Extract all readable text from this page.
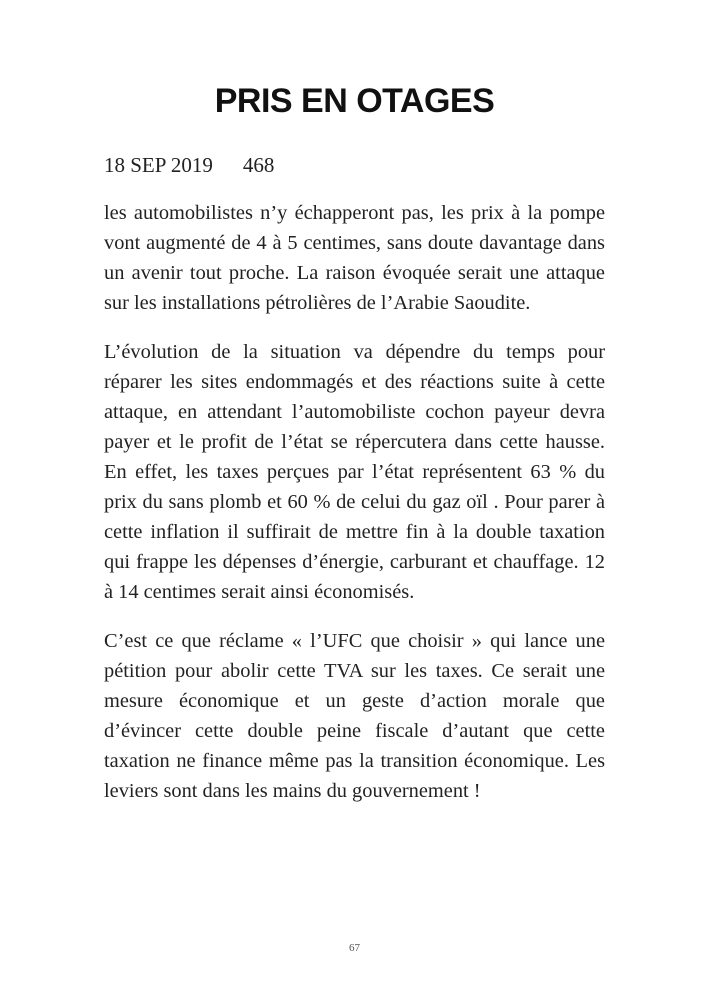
PRIS EN OTAGES
18 SEP 2019 468

les automobilistes n’y échapperont pas, les prix à la pompe vont augmenté de 4 à 5 centimes, sans doute davantage dans un avenir tout proche. La raison évoquée serait une attaque sur les installations pétrolières de l’Arabie Saoudite.

L’évolution de la situation va dépendre du temps pour réparer les sites endommagés et des réactions suite à cette attaque, en attendant l’automobiliste cochon payeur devra payer et le profit de l’état se répercutera dans cette hausse. En effet, les taxes perçues par l’état représentent 63 % du prix du sans plomb et 60 % de celui du gaz oïl . Pour parer à cette inflation il suffirait de mettre fin à la double taxation qui frappe les dépenses d’énergie, carburant et chauffage. 12 à 14 centimes serait ainsi économisés.

C’est ce que réclame « l’UFC que choisir » qui lance une pétition pour abolir cette TVA sur les taxes. Ce serait une mesure économique et un geste d’action morale que d’évincer cette double peine fiscale d’autant que cette taxation ne finance même pas la transition économique. Les leviers sont dans les mains du gouvernement !

67
